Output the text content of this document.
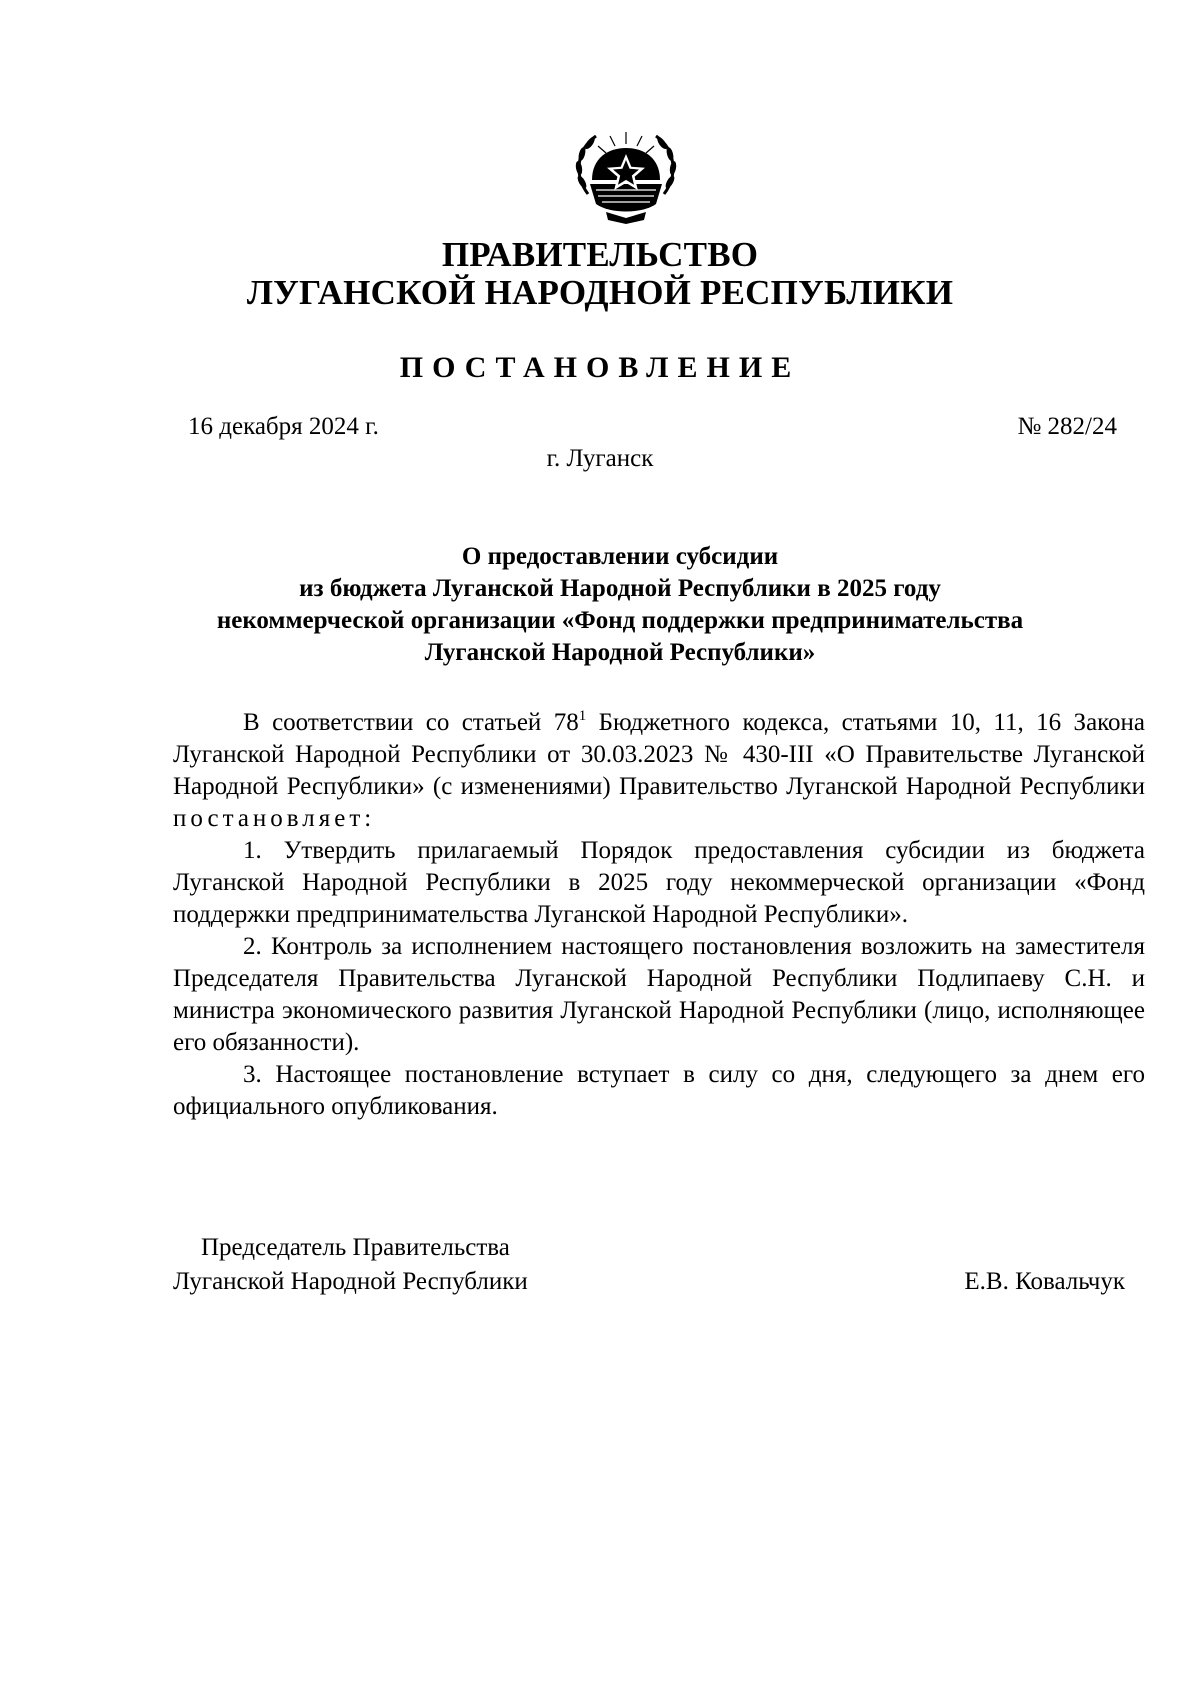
ПРАВИТЕЛЬСТВО
ЛУГАНСКОЙ НАРОДНОЙ РЕСПУБЛИКИ
ПОСТАНОВЛЕНИЕ
16 декабря 2024 г.	№ 282/24
г. Луганск
О предоставлении субсидии
из бюджета Луганской Народной Республики в 2025 году
некоммерческой организации «Фонд поддержки предпринимательства
Луганской Народной Республики»

В соответствии со статьей $78^1$ Бюджетного кодекса, статьями 10, 11, 16 Закона Луганской Народной Республики от 30.03.2023 № 430-III «О Правительстве Луганской Народной Республики» (с изменениями) Правительство Луганской Народной Республики постановляет:

1. Утвердить прилагаемый Порядок предоставления субсидии из бюджета Луганской Народной Республики в 2025 году некоммерческой организации «Фонд поддержки предпринимательства Луганской Народной Республики».

2. Контроль за исполнением настоящего постановления возложить на заместителя Председателя Правительства Луганской Народной Республики Подлипаеву С.Н. и министра экономического развития Луганской Народной Республики (лицо, исполняющее его обязанности).

3. Настоящее постановление вступает в силу со дня, следующего за днем его официального опубликования.

Председатель Правительства
Луганской Народной Республики	Е.В. Ковальчук
